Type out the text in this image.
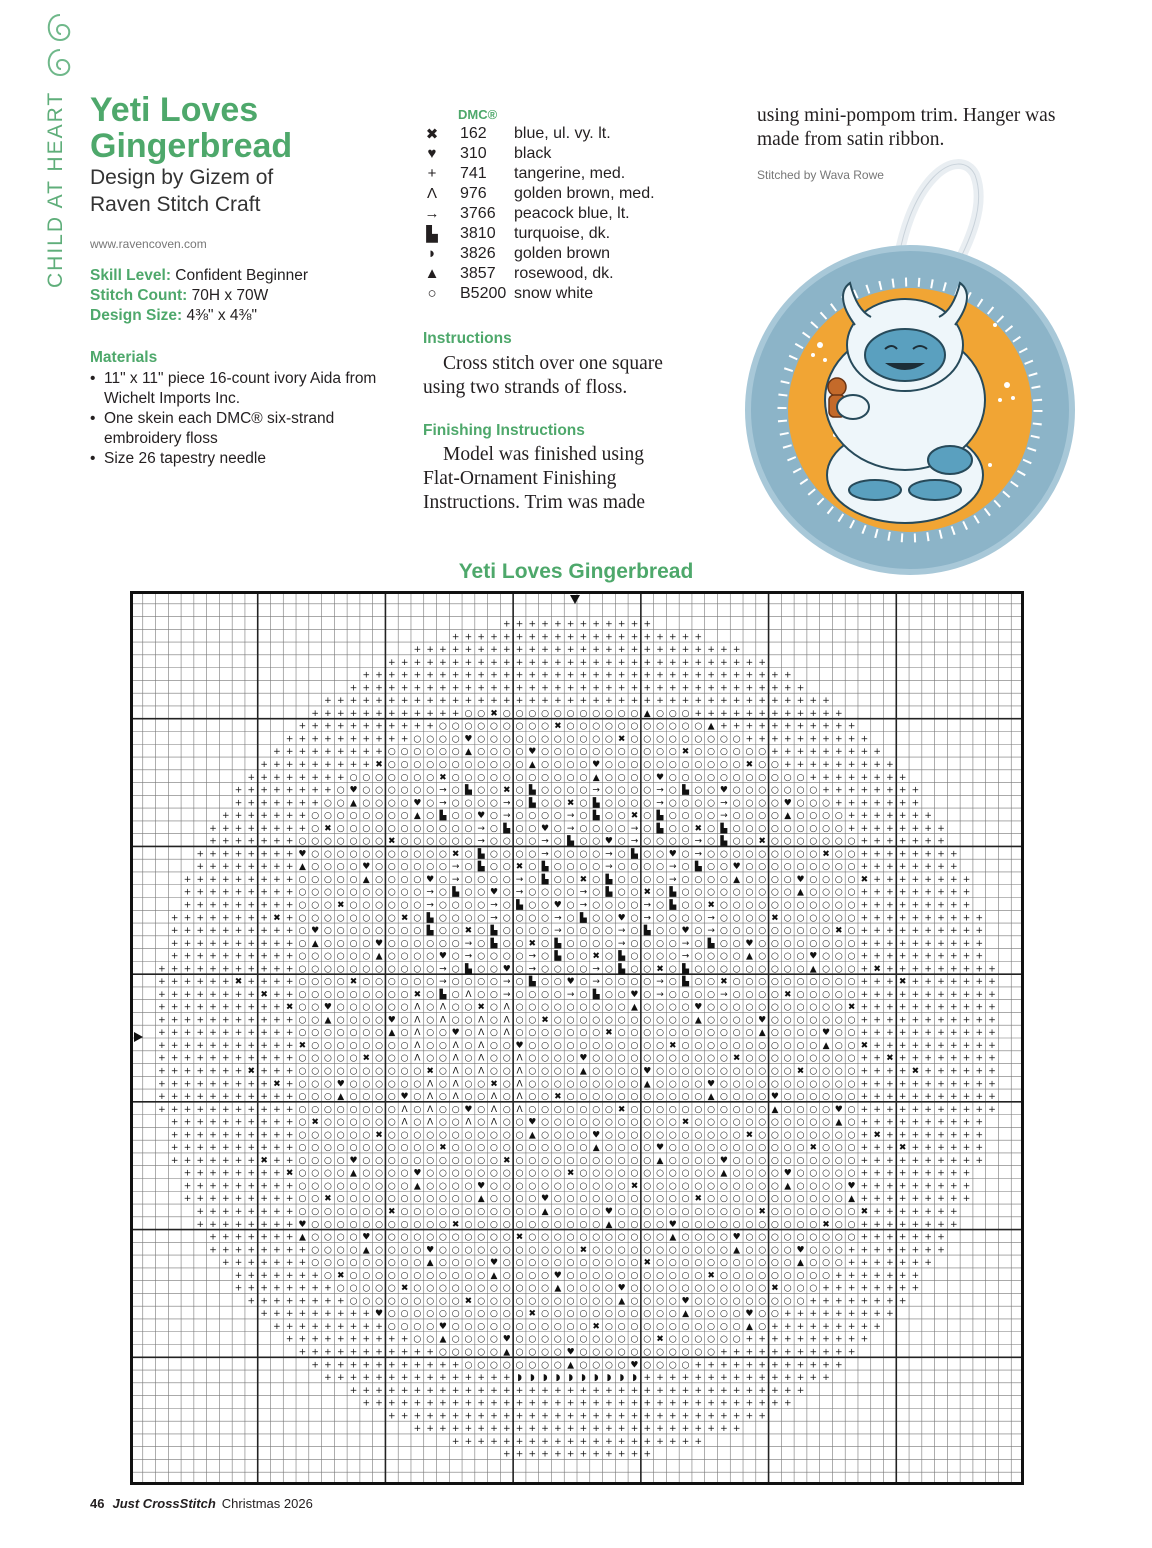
CHILD AT HEART Yeti Loves Gingerbread
Design by Gizem of
Raven Stitch Craft
www.ravencoven.com
Skill Level: Confident Beginner
Stitch Count: 70H x 70W
Design Size: 4⅜" x 4⅜"
Materials
• 11" x 11" piece 16-count ivory Aida from Wichelt Imports Inc.
• One skein each DMC® six-strand embroidery floss
• Size 26 tapestry needle
DMC®
✖ 162 blue, ul. vy. lt.
♥	310 black
+	741 tangerine, med.
Λ	976 golden brown, med.
→ 3766 peacock blue, lt.
▙ 3810 turquoise, dk.
◗	3826 golden brown
▲ 3857 rosewood, dk.
○	B5200 snow white
Instructions

Cross stitch over one square using two strands of floss.

Finishing Instructions

Model was finished using Flat-Ornament Finishing Instructions. Trim was made

using mini-pompom trim. Hanger was made from satin ribbon.
Stitched by Wava Rowe
Yeti Loves Gingerbread
+ + + + + + + + + + + +
+ + + + + + + + + + + + + + + + + + + +
+ + + + + + + + + + + + + + + + + + + + + + + + + +
+ + + + + + + + + + + + + + + + + + + + + + + + + + + + + +
+ + + + + + + + + + + + + + + + + + + + + + + + + + + + + + + + + +
+ + + + + + + + + + + + + + + + + + + + + + + + + + + + + + + + + + + +
+ + + + + + + + + + + + + + + + + + + + + + + + + + + + + + + + + + + + + + + +
+ + + + + + + + + + + + ○ ○ ✖ ○ ○ ○ ○ ○ ○ ○ ○ ○ ○ ○ ▲ ○ ○ ○ + + + + + + + + + + + +
+ + + + + + + + + + + ○ ○ ○ ○ ○ ○ ○ ○ ○ ✖ ○ ○ ○ ○ ○ ○ ○ ○ ○ ○ ○ ▲ + + + + + + + + + + +
+ + + + + + + + + + ○ ○ ○ ○ ♥ ○ ○ ○ ○ ○ ○ ○ ○ ○ ○ ○ ✖ ○ ○ ○ ○ ○ ○ ○ ○ ○ + + + + + + + + + +
+ + + + + + + + + ○ ○ ○ ○ ○ ○ ▲ ○ ○ ○ ○ ♥ ○ ○ ○ ○ ○ ○ ○ ○ ○ ○ ○ ✖ ○ ○ ○ ○ ○ ○ + + + + + + + + +
+ + + + + + + + + ✖ ○ ○ ○ ○ ○ ○ ○ ○ ○ ○ ○ ▲ ○ ○ ○ ○ ♥ ○ ○ ○ ○ ○ ○ ○ ○ ○ ○ ○ ✖ ○ ○ + + + + + + + + +
+ + + + + + + + ○ ○ ○ ○ ○ ○ ○ ✖ ○ ○ ○ ○ ○ ○ ○ ○ ○ ○ ○ ▲ ○ ○ ○ ○ ♥ ○ ○ ○ ○ ○ ○ ○ ○ ○ ○ ○ + + + + + + + +
+ + + + + + + + ○ ♥ ○ ○ ○ ○ ○ ○ → ○ ▙ ○ ○ ✖ ○ ▙ ○ ○ ○ ○ → ○ ○ ○ ○ → ○ ▙ ○ ○ ♥ ○ ○ ○ ○ ○ ○ ○ + + + + + + + +
+ + + + + + + ○ ○ ▲ ○ ○ ○ ○ ♥ ○ → ○ ○ ○ ○ → ○ ▙ ○ ○ ✖ ○ ▙ ○ ○ ○ ○ → ○ ○ ○ ○ → ○ ○ ○ ○ ♥ ○ ○ ○ + + + + + + +
+ + + + + + + ○ ○ ○ ○ ○ ○ ○ ○ ▲ ○ ▙ ○ ○ ♥ ○ → ○ ○ ○ ○ → ○ ▙ ○ ○ ✖ ○ ▙ ○ ○ ○ ○ → ○ ○ ○ ○ ▲ ○ ○ ○ ○ + + + + + + +
+ + + + + + + + ○ ✖ ○ ○ ○ ○ ○ ○ ○ ○ ○ ○ ○ → ○ ▙ ○ ○ ♥ ○ → ○ ○ ○ ○ → ○ ▙ ○ ○ ✖ ○ ▙ ○ ○ ○ ○ ○ ○ ○ ○ ○ + + + + + + + +
+ + + + + + + ○ ○ ○ ○ ○ ○ ○ ✖ ○ ○ ○ ○ ○ ○ → ○ ○ ○ ○ → ○ ▙ ○ ○ ♥ ○ → ○ ○ ○ ○ → ○ ▙ ○ ○ ✖ ○ ○ ○ ○ ○ ○ ○ + + + + + + +
+ + + + + + + + ♥ ○ ○ ○ ○ ○ ○ ○ ○ ○ ○ ○ ✖ ○ ▙ ○ ○ ○ ○ → ○ ○ ○ ○ → ○ ▙ ○ ○ ♥ ○ → ○ ○ ○ ○ ○ ○ ○ ○ ○ ✖ ○ ○ + + + + + + + +
+ + + + + + + + ▲ ○ ○ ○ ○ ♥ ○ ○ ○ ○ ○ ○ → ○ ▙ ○ ○ ✖ ○ ▙ ○ ○ ○ ○ → ○ ○ ○ ○ → ○ ▙ ○ ○ ♥ ○ ○ ○ ○ ○ ○ ○ ○ ○ + + + + + + + +
+ + + + + + + + + ○ ○ ○ ○ ○ ▲ ○ ○ ○ ○ ♥ ○ → ○ ○ ○ ○ → ○ ▙ ○ ○ ✖ ○ ▙ ○ ○ ○ ○ → ○ ○ ○ ○ ▲ ○ ○ ○ ○ ♥ ○ ○ ○ ○ ✖ + + + + + + + +
+ + + + + + + + + ○ ○ ○ ○ ○ ○ ○ ○ ○ ○ → ○ ▙ ○ ○ ♥ ○ → ○ ○ ○ ○ → ○ ▙ ○ ○ ✖ ○ ▙ ○ ○ ○ ○ ○ ○ ○ ○ ○ ▲ ○ ○ ○ ○ + + + + + + + + +
+ + + + + + + + + ○ ○ ○ ✖ ○ ○ ○ ○ ○ ○ → ○ ○ ○ ○ → ○ ▙ ○ ○ ♥ ○ → ○ ○ ○ ○ → ○ ▙ ○ ○ ✖ ○ ○ ○ ○ ○ ○ ○ ○ ○ ○ ○ + + + + + + + + +
+ + + + + + + + ✖ + ○ ○ ○ ○ ○ ○ ○ ○ ✖ ○ ▙ ○ ○ ○ ○ → ○ ○ ○ ○ → ○ ▙ ○ ○ ♥ ○ → ○ ○ ○ ○ → ○ ○ ○ ○ ✖ ○ ○ ○ ○ ○ ○ + + + + + + + + + +
+ + + + + + + + + + ○ ♥ ○ ○ ○ ○ ○ ○ ○ ○ ▙ ○ ○ ✖ ○ ▙ ○ ○ ○ ○ → ○ ○ ○ ○ → ○ ▙ ○ ○ ♥ ○ → ○ ○ ○ ○ ○ ○ ○ ○ ○ ✖ ○ + + + + + + + + + +
+ + + + + + + + + + ○ ▲ ○ ○ ○ ○ ♥ ○ ○ ○ ○ ○ ○ → ○ ▙ ○ ○ ✖ ○ ▙ ○ ○ ○ ○ → ○ ○ ○ ○ → ○ ▙ ○ ○ ♥ ○ ○ ○ ○ ○ ○ ○ ○ + + + + + + + + + +
+ + + + + + + + + + ○ ○ ○ ○ ○ ○ ▲ ○ ○ ○ ○ ♥ ○ → ○ ○ ○ ○ → ○ ▙ ○ ○ ✖ ○ ▙ ○ ○ ○ ○ → ○ ○ ○ ○ ▲ ○ ○ ○ ○ ♥ ○ ○ ○ + + + + + + + + + +
+ + + + + + + + + + + ○ ○ ○ ○ ○ ○ ○ ○ ○ ○ ○ → ○ ▙ ○ ○ ♥ ○ → ○ ○ ○ ○ → ○ ▙ ○ ○ ✖ ○ ▙ ○ ○ ○ ○ ○ ○ ○ ○ ○ ▲ ○ ○ ○ + ✖ + + + + + + + + +
+ + + + + + ✖ + + + + ○ ○ ○ ○ ✖ ○ ○ ○ ○ ○ ○ → ○ ○ ○ ○ → ○ ▙ ○ ○ ♥ ○ → ○ ○ ○ ○ → ○ ▙ ○ ○ ✖ ○ ○ ○ ○ ○ ○ ○ ○ ○ ○ + + + ✖ + + + + + + +
+ + + + + + + + ✖ + + ○ ○ ○ ○ ○ ○ ○ ○ ○ ✖ ○ ▙ ○ Λ ○ ○ → ○ ○ ○ ○ → ○ ▙ ○ ○ ♥ ○ → ○ ○ ○ ○ → ○ ○ ○ ○ ✖ ○ ○ ○ ○ ○ + + + + + + + + + + +
+ + + + + + + + + + ✖ ○ ○ ♥ ○ ○ ○ ○ ○ ○ Λ ○ Λ ○ ○ ✖ ○ Λ ○ ○ ○ ○ ○ ○ ○ ○ ○ ▲ ○ ○ ○ ○ ♥ ○ ○ ○ ○ ○ ○ ○ ○ ○ ○ ○ ✖ + + + + + + + + + + +
+ + + + + + + + + + + ○ ○ ▲ ○ ○ ○ ○ ♥ ○ Λ ○ Λ ○ ○ Λ ○ Λ ○ ○ ✖ ○ ○ ○ ○ ○ ○ ○ ○ ○ ○ ○ ▲ ○ ○ ○ ○ ♥ ○ ○ ○ ○ ○ ○ ○ + + + + + + + + + + +
+ + + + + + + + + + + ○ ○ ○ ○ ○ ○ ○ ▲ ○ Λ ○ ○ ♥ ○ Λ ○ Λ ○ ○ ○ ○ ○ ○ ○ ✖ ○ ○ ○ ○ ○ ○ ○ ○ ○ ○ ○ ▲ ○ ○ ○ ○ ♥ ○ ○ + + + + + + + + + + +
+ + + + + + + + + + + ✖ ○ ○ ○ ○ ○ ○ ○ ○ Λ ○ ○ Λ ○ Λ ○ ○ ♥ ○ ○ ○ ○ ○ ○ ○ ○ ○ ○ ○ ✖ ○ ○ ○ ○ ○ ○ ○ ○ ○ ○ ○ ▲ ○ ○ ✖ + + + + + + + + + +
+ + + + + + + + + + + ○ ○ ○ ○ ○ ✖ ○ ○ ○ Λ ○ ○ Λ ○ Λ ○ ○ Λ ○ ○ ○ ○ ♥ ○ ○ ○ ○ ○ ○ ○ ○ ○ ○ ○ ✖ ○ ○ ○ ○ ○ ○ ○ ○ ○ + + ✖ + + + + + + + +
+ + + + + + + ✖ + + + ○ ○ ○ ○ ○ ○ ○ ○ ○ ○ ✖ ○ Λ ○ Λ ○ ○ Λ ○ ○ ○ ○ ▲ ○ ○ ○ ○ ♥ ○ ○ ○ ○ ○ ○ ○ ○ ○ ○ ○ ✖ ○ ○ ○ ○ + + + + ✖ + + + + + +
+ + + + + + + + + ✖ + ○ ○ ○ ♥ ○ ○ ○ ○ ○ ○ Λ ○ Λ ○ ○ ✖ ○ Λ ○ ○ ○ ○ ○ ○ ○ ○ ○ ▲ ○ ○ ○ ○ ♥ ○ ○ ○ ○ ○ ○ ○ ○ ○ ○ ○ + + + + + + + + + + +
+ + + + + + + + + + + ○ ○ ○ ▲ ○ ○ ○ ○ ♥ ○ Λ ○ Λ ○ ○ Λ ○ Λ ○ ○ ✖ ○ ○ ○ ○ ○ ○ ○ ○ ○ ○ ○ ▲ ○ ○ ○ ○ ♥ ○ ○ ○ ○ ○ ○ + + + + + + + + + + +
+ + + + + + + + + + + ○ ○ ○ ○ ○ ○ ○ ○ Λ ○ Λ ○ ○ ♥ ○ Λ ○ Λ ○ ○ ○ ○ ○ ○ ○ ✖ ○ ○ ○ ○ ○ ○ ○ ○ ○ ○ ○ ▲ ○ ○ ○ ○ ♥ ○ + + + + + + + + + + +
+ + + + + + + + + + ○ ✖ ○ ○ ○ ○ ○ ○ Λ ○ Λ ○ ○ Λ ○ Λ ○ ○ ♥ ○ ○ ○ ○ ○ ○ ○ ○ ○ ○ ○ ✖ ○ ○ ○ ○ ○ ○ ○ ○ ○ ○ ○ ▲ ○ + + + + + + + + + +
+ + + + + + + + + + ○ ○ ○ ○ ○ ○ ✖ ○ ○ ○ ○ ○ ○ ○ ○ ○ ○ ○ ▲ ○ ○ ○ ○ ♥ ○ ○ ○ ○ ○ ○ ○ ○ ○ ○ ○ ✖ ○ ○ ○ ○ ○ ○ ○ ○ + ✖ + + + + + + + +
+ + + + + + + + + + ○ ○ ○ ○ ○ ○ ○ ○ ○ ○ ○ ✖ ○ ○ ○ ○ ○ ○ ○ ○ ○ ○ ○ ▲ ○ ○ ○ ○ ♥ ○ ○ ○ ○ ○ ○ ○ ○ ○ ○ ○ ✖ ○ ○ ○ + + + ✖ + + + + + +
+ + + + + + + ✖ + + ○ ○ ○ ○ ♥ ○ ○ ○ ○ ○ ○ ○ ○ ○ ○ ○ ✖ ○ ○ ○ ○ ○ ○ ○ ○ ○ ○ ○ ▲ ○ ○ ○ ○ ♥ ○ ○ ○ ○ ○ ○ ○ ○ ○ ○ + + + + + + + + + +
+ + + + + + + + ✖ ○ ○ ○ ○ ▲ ○ ○ ○ ○ ♥ ○ ○ ○ ○ ○ ○ ○ ○ ○ ○ ○ ✖ ○ ○ ○ ○ ○ ○ ○ ○ ○ ○ ○ ▲ ○ ○ ○ ○ ♥ ○ ○ ○ ○ ○ + + + + + + + + +
+ + + + + + + + + ○ ○ ○ ○ ○ ○ ○ ○ ○ ▲ ○ ○ ○ ○ ♥ ○ ○ ○ ○ ○ ○ ○ ○ ○ ○ ○ ✖ ○ ○ ○ ○ ○ ○ ○ ○ ○ ○ ○ ▲ ○ ○ ○ ○ ♥ + + + + + + + + +
+ + + + + + + + + ○ ○ ✖ ○ ○ ○ ○ ○ ○ ○ ○ ○ ○ ○ ▲ ○ ○ ○ ○ ♥ ○ ○ ○ ○ ○ ○ ○ ○ ○ ○ ○ ✖ ○ ○ ○ ○ ○ ○ ○ ○ ○ ○ ○ ▲ + + + + + + + + +
+ + + + + + + + ○ ○ ○ ○ ○ ○ ○ ✖ ○ ○ ○ ○ ○ ○ ○ ○ ○ ○ ○ ▲ ○ ○ ○ ○ ♥ ○ ○ ○ ○ ○ ○ ○ ○ ○ ○ ○ ✖ ○ ○ ○ ○ ○ ○ ○ ✖ + + + + + + +
+ + + + + + + + ♥ ○ ○ ○ ○ ○ ○ ○ ○ ○ ○ ○ ✖ ○ ○ ○ ○ ○ ○ ○ ○ ○ ○ ○ ▲ ○ ○ ○ ○ ♥ ○ ○ ○ ○ ○ ○ ○ ○ ○ ○ ○ ✖ ○ ○ + + + + + + + +
+ + + + + + + ▲ ○ ○ ○ ○ ♥ ○ ○ ○ ○ ○ ○ ○ ○ ○ ○ ○ ✖ ○ ○ ○ ○ ○ ○ ○ ○ ○ ○ ○ ▲ ○ ○ ○ ○ ♥ ○ ○ ○ ○ ○ ○ ○ ○ ○ + + + + + + +
+ + + + + + + + ○ ○ ○ ○ ▲ ○ ○ ○ ○ ♥ ○ ○ ○ ○ ○ ○ ○ ○ ○ ○ ○ ✖ ○ ○ ○ ○ ○ ○ ○ ○ ○ ○ ○ ▲ ○ ○ ○ ○ ♥ ○ ○ ○ + + + + + + + +
+ + + + + + + ○ ○ ○ ○ ○ ○ ○ ○ ○ ▲ ○ ○ ○ ○ ♥ ○ ○ ○ ○ ○ ○ ○ ○ ○ ○ ○ ✖ ○ ○ ○ ○ ○ ○ ○ ○ ○ ○ ○ ▲ ○ ○ ○ + + + + + + +
+ + + + + + + ○ ✖ ○ ○ ○ ○ ○ ○ ○ ○ ○ ○ ○ ▲ ○ ○ ○ ○ ♥ ○ ○ ○ ○ ○ ○ ○ ○ ○ ○ ○ ✖ ○ ○ ○ ○ ○ ○ ○ ○ ○ + + + + + + +
+ + + + + + + + ○ ○ ○ ○ ○ ✖ ○ ○ ○ ○ ○ ○ ○ ○ ○ ○ ○ ▲ ○ ○ ○ ○ ♥ ○ ○ ○ ○ ○ ○ ○ ○ ○ ○ ○ ✖ ○ ○ ○ + + + + + + + +
+ + + + + + + + ○ ○ ○ ○ ○ ○ ○ ○ ○ ✖ ○ ○ ○ ○ ○ ○ ○ ○ ○ ○ ○ ▲ ○ ○ ○ ○ ♥ ○ ○ ○ ○ ○ ○ ○ ○ ○ + + + + + + + +
+ + + + + + + + + ♥ ○ ○ ○ ○ ○ ○ ○ ○ ○ ○ ○ ✖ ○ ○ ○ ○ ○ ○ ○ ○ ○ ○ ○ ▲ ○ ○ ○ ○ ♥ ○ ○ + + + + + + + + +
+ + + + + + + + + ○ ○ ○ ○ ♥ ○ ○ ○ ○ ○ ○ ○ ○ ○ ○ ○ ✖ ○ ○ ○ ○ ○ ○ ○ ○ ○ ○ ○ ▲ ○ + + + + + + + + +
+ + + + + + + + + + ○ ○ ▲ ○ ○ ○ ○ ♥ ○ ○ ○ ○ ○ ○ ○ ○ ○ ○ ○ ✖ ○ ○ ○ ○ ○ ○ + + + + + + + + + +
+ + + + + + + + + + + ○ ○ ○ ○ ○ ▲ ○ ○ ○ ○ ♥ ○ ○ ○ ○ ○ ○ ○ ○ ○ ○ ○ + + + + + + + + + + +
+ + + + + + + + + + + + ○ ○ ○ ○ ○ ○ ○ ○ ▲ ○ ○ ○ ○ ♥ ○ ○ ○ ○ + + + + + + + + + + + +
+ + + + + + + + + + + + + + + ◗ ◗ ◗ ◗ ◗ ◗ ◗ ◗ ◗ ◗ + + + + + + + + + + + + + + +
+ + + + + + + + + + + + + + + + + + + + + + + + + + + + + + + + + + + +
+ + + + + + + + + + + + + + + + + + + + + + + + + + + + + + + + + +
+ + + + + + + + + + + + + + + + + + + + + + + + + + + + + +
+ + + + + + + + + + + + + + + + + + + + + + + + + +
+ + + + + + + + + + + + + + + + + + + +
+ + + + + + + + + + + +
46 Just CrossStitch Christmas 2026
